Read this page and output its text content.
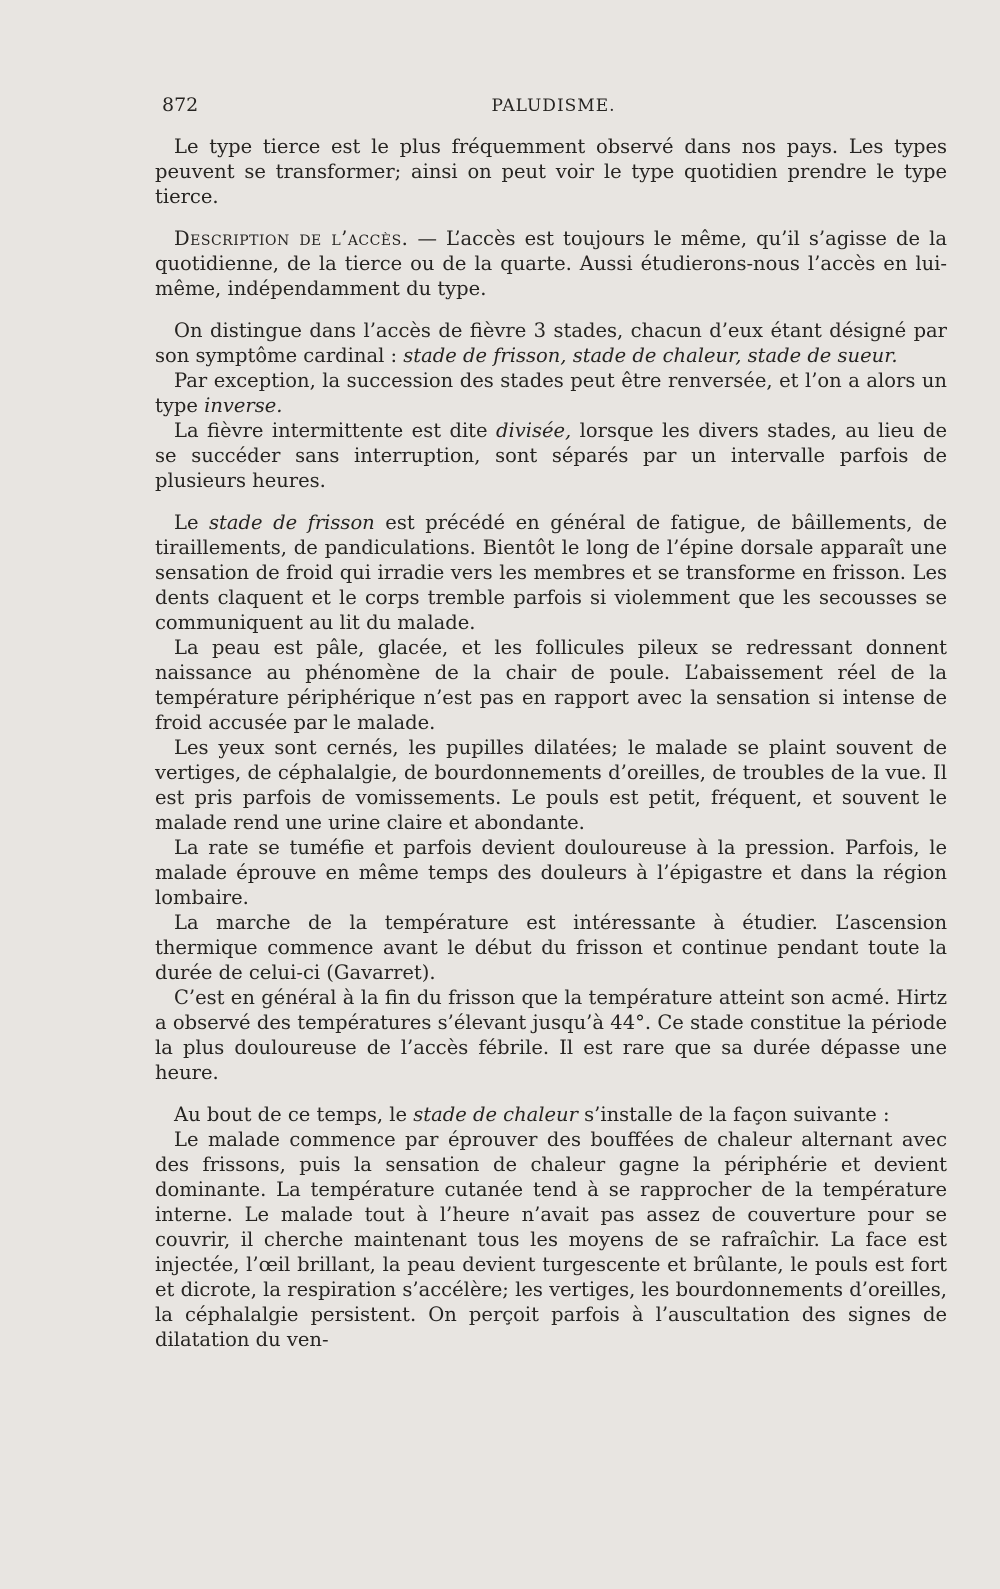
872	PALUDISME.

Le type tierce est le plus fréquemment observé dans nos pays. Les types peuvent se transformer; ainsi on peut voir le type quotidien prendre le type tierce.

Description de l’accès. — L’accès est toujours le même, qu’il s’agisse de la quotidienne, de la tierce ou de la quarte. Aussi étudierons-nous l’accès en lui-même, indépendamment du type.

On distingue dans l’accès de fièvre 3 stades, chacun d’eux étant désigné par son symptôme cardinal : stade de frisson, stade de chaleur, stade de sueur.

Par exception, la succession des stades peut être renversée, et l’on a alors un type inverse.

La fièvre intermittente est dite divisée, lorsque les divers stades, au lieu de se succéder sans interruption, sont séparés par un intervalle parfois de plusieurs heures.

Le stade de frisson est précédé en général de fatigue, de bâillements, de tiraillements, de pandiculations. Bientôt le long de l’épine dorsale apparaît une sensation de froid qui irradie vers les membres et se transforme en frisson. Les dents claquent et le corps tremble parfois si violemment que les secousses se communiquent au lit du malade.

La peau est pâle, glacée, et les follicules pileux se redressant donnent naissance au phénomène de la chair de poule. L’abaissement réel de la température périphérique n’est pas en rapport avec la sensation si intense de froid accusée par le malade.

Les yeux sont cernés, les pupilles dilatées; le malade se plaint souvent de vertiges, de céphalalgie, de bourdonnements d’oreilles, de troubles de la vue. Il est pris parfois de vomissements. Le pouls est petit, fréquent, et souvent le malade rend une urine claire et abondante.

La rate se tuméfie et parfois devient douloureuse à la pression. Parfois, le malade éprouve en même temps des douleurs à l’épigastre et dans la région lombaire.

La marche de la température est intéressante à étudier. L’ascension thermique commence avant le début du frisson et continue pendant toute la durée de celui-ci (Gavarret).

C’est en général à la fin du frisson que la température atteint son acmé. Hirtz a observé des températures s’élevant jusqu’à 44°. Ce stade constitue la période la plus douloureuse de l’accès fébrile. Il est rare que sa durée dépasse une heure.

Au bout de ce temps, le stade de chaleur s’installe de la façon suivante :

Le malade commence par éprouver des bouffées de chaleur alternant avec des frissons, puis la sensation de chaleur gagne la périphérie et devient dominante. La température cutanée tend à se rapprocher de la température interne. Le malade tout à l’heure n’avait pas assez de couverture pour se couvrir, il cherche maintenant tous les moyens de se rafraîchir. La face est injectée, l’œil brillant, la peau devient turgescente et brûlante, le pouls est fort et dicrote, la respiration s’accélère; les vertiges, les bourdonnements d’oreilles, la céphalalgie persistent. On perçoit parfois à l’auscultation des signes de dilatation du ven-
